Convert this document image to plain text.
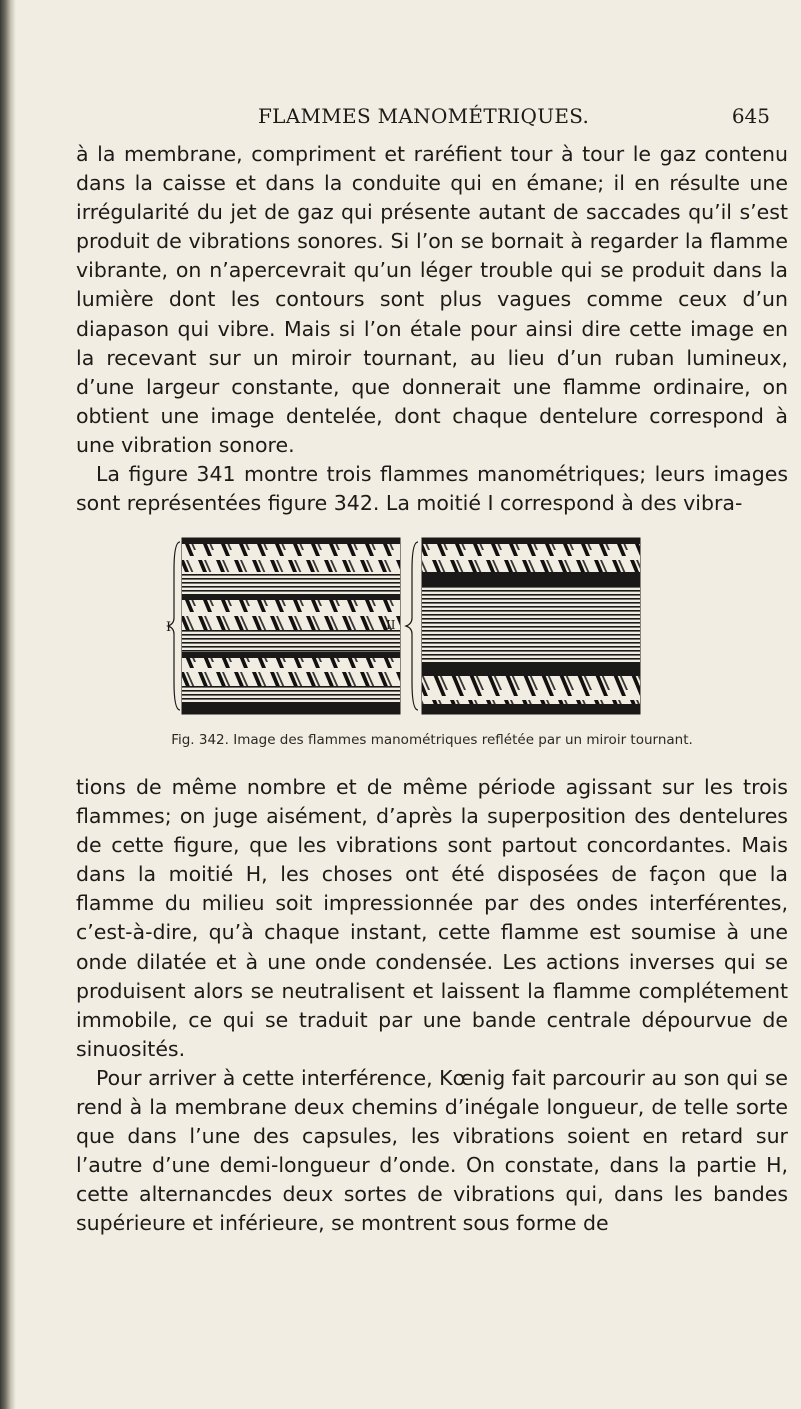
FLAMMES MANOMÉTRIQUES.	645

à la membrane, compriment et raréfient tour à tour le gaz contenu dans la caisse et dans la conduite qui en émane; il en résulte une irrégularité du jet de gaz qui présente autant de saccades qu’il s’est produit de vibrations sonores. Si l’on se bornait à regarder la flamme vibrante, on n’apercevrait qu’un léger trouble qui se produit dans la lumière dont les contours sont plus vagues comme ceux d’un diapason qui vibre. Mais si l’on étale pour ainsi dire cette image en la recevant sur un miroir tournant, au lieu d’un ruban lumineux, d’une largeur constante, que donnerait une flamme ordinaire, on obtient une image dentelée, dont chaque dentelure correspond à une vibration sonore.

La figure 341 montre trois flammes manométriques; leurs images sont représentées figure 342. La moitié I correspond à des vibra-

I	II
Fig. 342. Image des flammes manométriques reflétée par un miroir tournant.

tions de même nombre et de même période agissant sur les trois flammes; on juge aisément, d’après la superposition des dentelures de cette figure, que les vibrations sont partout concordantes. Mais dans la moitié H, les choses ont été disposées de façon que la flamme du milieu soit impressionnée par des ondes interférentes, c’est-à-dire, qu’à chaque instant, cette flamme est soumise à une onde dilatée et à une onde condensée. Les actions inverses qui se produisent alors se neutralisent et laissent la flamme complétement immobile, ce qui se traduit par une bande centrale dépourvue de sinuosités.

Pour arriver à cette interférence, Kœnig fait parcourir au son qui se rend à la membrane deux chemins d’inégale longueur, de telle sorte que dans l’une des capsules, les vibrations soient en retard sur l’autre d’une demi-longueur d’onde. On constate, dans la partie H, cette alternancdes deux sortes de vibrations qui, dans les bandes supérieure et inférieure, se montrent sous forme de
